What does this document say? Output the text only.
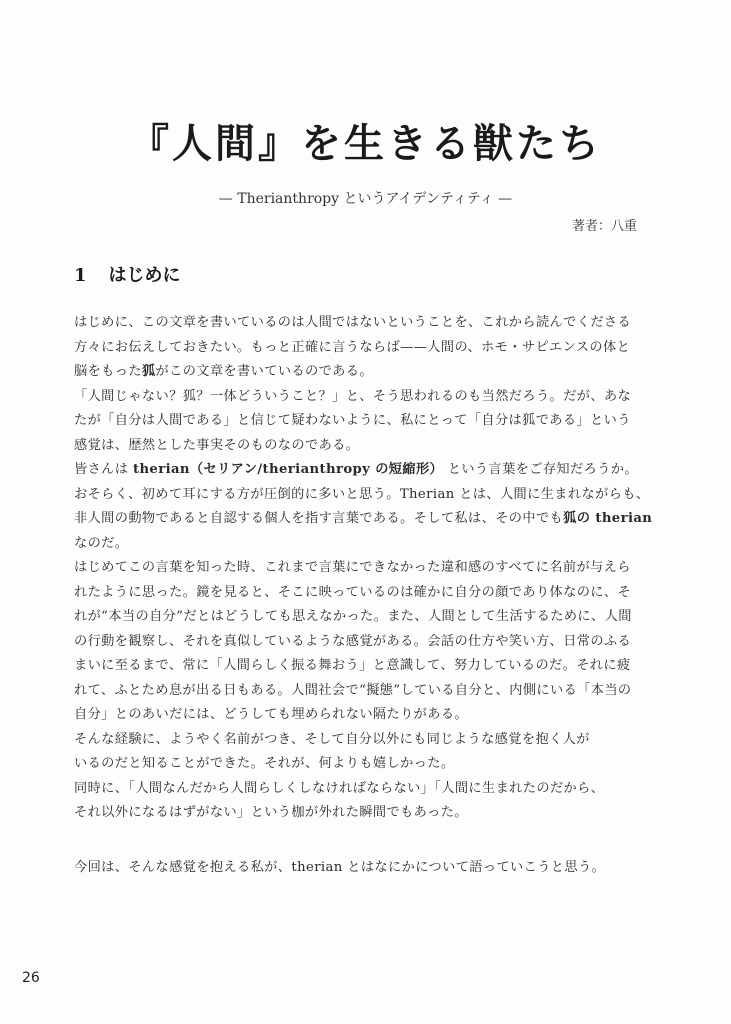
『人間』を生きる獣たち
— Therianthropy というアイデンティティ —
著者：八重
1 はじめに
はじめに、この文章を書いているのは人間ではないということを、これから読んでくださる
方々にお伝えしておきたい。もっと正確に言うならば——人間の、ホモ・サピエンスの体と
脳をもった狐がこの文章を書いているのである。
「人間じゃない？狐？一体どういうこと？」と、そう思われるのも当然だろう。だが、あな
たが「自分は人間である」と信じて疑わないように、私にとって「自分は狐である」という
感覚は、歴然とした事実そのものなのである。
皆さんは therian（セリアン/therianthropy の短縮形） という言葉をご存知だろうか。
おそらく、初めて耳にする方が圧倒的に多いと思う。Therian とは、人間に生まれながらも、
非人間の動物であると自認する個人を指す言葉である。そして私は、その中でも狐の therian
なのだ。
はじめてこの言葉を知った時、これまで言葉にできなかった違和感のすべてに名前が与えら
れたように思った。鏡を見ると、そこに映っているのは確かに自分の顔であり体なのに、そ
れが“本当の自分”だとはどうしても思えなかった。また、人間として生活するために、人間
の行動を観察し、それを真似しているような感覚がある。会話の仕方や笑い方、日常のふる
まいに至るまで、常に「人間らしく振る舞おう」と意識して、努力しているのだ。それに疲
れて、ふとため息が出る日もある。人間社会で“擬態”している自分と、内側にいる「本当の
自分」とのあいだには、どうしても埋められない隔たりがある。
そんな経験に、ようやく名前がつき、そして自分以外にも同じような感覚を抱く人が
いるのだと知ることができた。それが、何よりも嬉しかった。
同時に、「人間なんだから人間らしくしなければならない」「人間に生まれたのだから、
それ以外になるはずがない」という枷が外れた瞬間でもあった。
今回は、そんな感覚を抱える私が、therian とはなにかについて語っていこうと思う。
26
